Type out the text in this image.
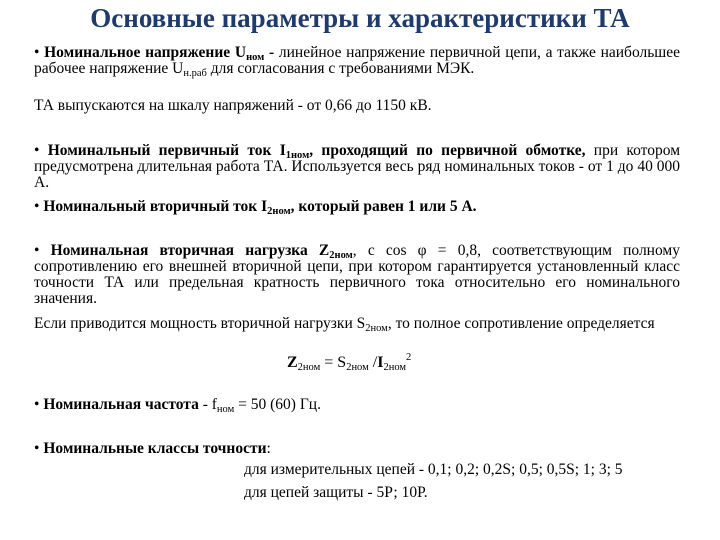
Основные параметры и характеристики ТА
• Номинальное напряжение $U_{ном}$ - линейное напряжение первичной цепи, а также наибольшее рабочее напряжение $U_{н.раб}$ для согласования с требованиями МЭК.
ТА выпускаются на шкалу напряжений - от 0,66 до 1150 кВ.
• Номинальный первичный ток $I_{1ном}$, проходящий по первичной обмотке, при котором предусмотрена длительная работа ТА. Используется весь ряд номинальных токов - от 1 до 40 000 А.
• Номинальный вторичный ток $I_{2ном}$, который равен 1 или 5 А.
• Номинальная вторичная нагрузка $Z_{2ном}$, с cos φ = 0,8, соответствующим полному сопротивлению его внешней вторичной цепи, при котором гарантируется установленный класс точности ТА или предельная кратность первичного тока относительно его номинального значения.
Если приводится мощность вторичной нагрузки $S_{2ном}$, то полное сопротивление определяется
$Z_{2ном} = S_{2ном}$ $/I_{2ном}^2$
• Номинальная частота - $f_{ном} = 50$ (60) Гц.
• Номинальные классы точности:
для измерительных цепей - 0,1; 0,2; 0,2S; 0,5; 0,5S; 1; 3; 5
для цепей защиты - 5Р; 10Р.
